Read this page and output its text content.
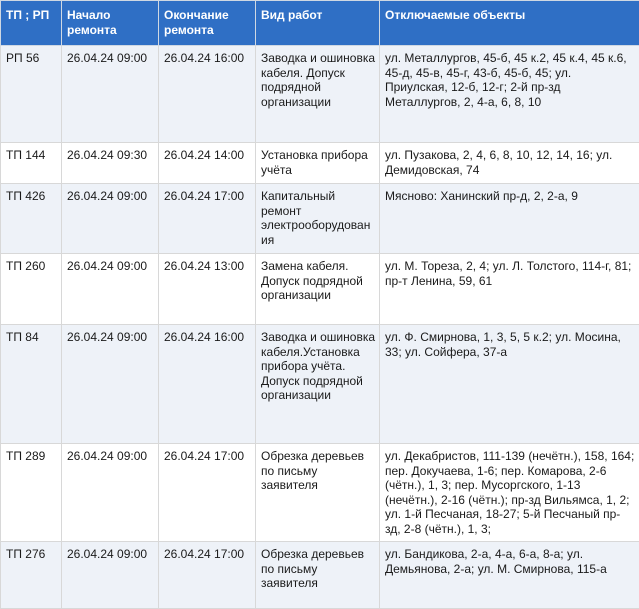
ТП ; РП	Начало ремонта	Окончание ремонта	Вид работ	Отключаемые объекты
РП 56	26.04.24 09:00	26.04.24 16:00	Заводка и ошиновка кабеля. Допуск подрядной организации	ул. Металлургов, 45-б, 45 к.2, 45 к.4, 45 к.6, 45-д, 45-в, 45-г, 43-б, 45-б, 45; ул. Приулская, 12-б, 12-г; 2-й пр-зд Металлургов, 2, 4-а, 6, 8, 10
ТП 144	26.04.24 09:30	26.04.24 14:00	Установка прибора учёта	ул. Пузакова, 2, 4, 6, 8, 10, 12, 14, 16; ул. Демидовская, 74
ТП 426	26.04.24 09:00	26.04.24 17:00	Капитальный ремонт электрооборудования	Мясново: Ханинский пр-д, 2, 2-а, 9
ТП 260	26.04.24 09:00	26.04.24 13:00	Замена кабеля. Допуск подрядной организации	ул. М. Тореза, 2, 4; ул. Л. Толстого, 114-г, 81; пр-т Ленина, 59, 61
ТП 84	26.04.24 09:00	26.04.24 16:00	Заводка и ошиновка кабеля.Установка прибора учёта. Допуск подрядной организации	ул. Ф. Смирнова, 1, 3, 5, 5 к.2; ул. Мосина, 33; ул. Сойфера, 37-а
ТП 289	26.04.24 09:00	26.04.24 17:00	Обрезка деревьев по письму заявителя	ул. Декабристов, 111-139 (нечётн.), 158, 164; пер. Докучаева, 1-6; пер. Комарова, 2-6 (чётн.), 1, 3; пер. Мусоргского, 1-13 (нечётн.), 2-16 (чётн.); пр-зд Вильямса, 1, 2; ул. 1-й Песчаная, 18-27; 5-й Песчаный пр-зд, 2-8 (чётн.), 1, 3;
ТП 276	26.04.24 09:00	26.04.24 17:00	Обрезка деревьев по письму заявителя	ул. Бандикова, 2-а, 4-а, 6-а, 8-а; ул. Демьянова, 2-а; ул. М. Смирнова, 115-а
